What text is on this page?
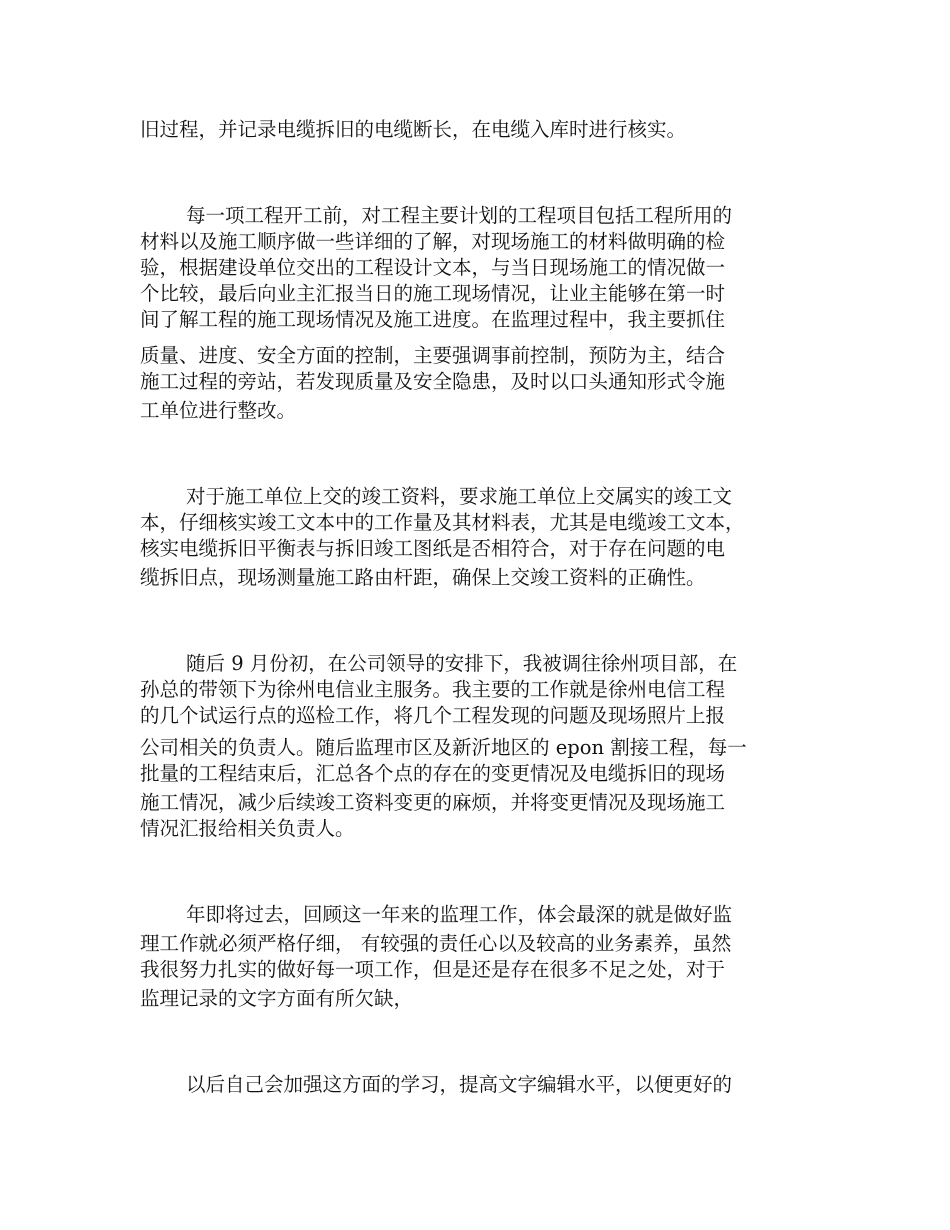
旧过程，并记录电缆拆旧的电缆断长，在电缆入库时进行核实。
每一项工程开工前，对工程主要计划的工程项目包括工程所用的
材料以及施工顺序做一些详细的了解，对现场施工的材料做明确的检
验，根据建设单位交出的工程设计文本，与当日现场施工的情况做一
个比较，最后向业主汇报当日的施工现场情况，让业主能够在第一时
间了解工程的施工现场情况及施工进度。在监理过程中，我主要抓住
质量、进度、安全方面的控制，主要强调事前控制，预防为主，结合
施工过程的旁站，若发现质量及安全隐患，及时以口头通知形式令施
工单位进行整改。
对于施工单位上交的竣工资料，要求施工单位上交属实的竣工文
本，仔细核实竣工文本中的工作量及其材料表，尤其是电缆竣工文本，
核实电缆拆旧平衡表与拆旧竣工图纸是否相符合，对于存在问题的电
缆拆旧点，现场测量施工路由杆距，确保上交竣工资料的正确性。
随后 9 月份初，在公司领导的安排下，我被调往徐州项目部，在
孙总的带领下为徐州电信业主服务。我主要的工作就是徐州电信工程
的几个试运行点的巡检工作，将几个工程发现的问题及现场照片上报
公司相关的负责人。随后监理市区及新沂地区的 epon 割接工程，每一
批量的工程结束后，汇总各个点的存在的变更情况及电缆拆旧的现场
施工情况，减少后续竣工资料变更的麻烦，并将变更情况及现场施工
情况汇报给相关负责人。
年即将过去，回顾这一年来的监理工作，体会最深的就是做好监
理工作就必须严格仔细， 有较强的责任心以及较高的业务素养，虽然
我很努力扎实的做好每一项工作，但是还是存在很多不足之处，对于
监理记录的文字方面有所欠缺，
以后自己会加强这方面的学习，提高文字编辑水平，以便更好的
